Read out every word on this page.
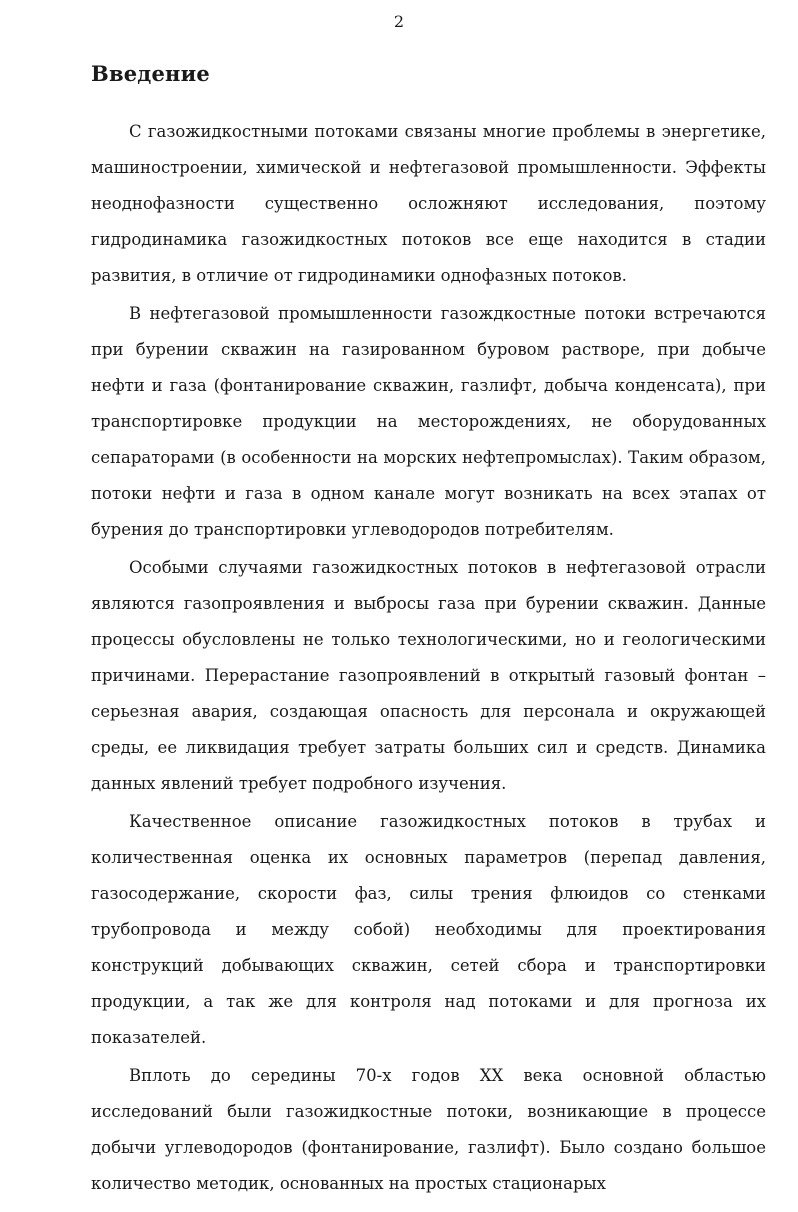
2
Введение

С газожидкостными потоками связаны многие проблемы в энергетике, машиностроении, химической и нефтегазовой промышленности. Эффекты неоднофазности существенно осложняют исследования, поэтому гидродинамика газожидкостных потоков все еще находится в стадии развития, в отличие от гидродинамики однофазных потоков.

В нефтегазовой промышленности газождкостные потоки встречаются при бурении скважин на газированном буровом растворе, при добыче нефти и газа (фонтанирование скважин, газлифт, добыча конденсата), при транспортировке продукции на месторождениях, не оборудованных сепараторами (в особенности на морских нефтепромыслах). Таким образом, потоки нефти и газа в одном канале могут возникать на всех этапах от бурения до транспортировки углеводородов потребителям.

Особыми случаями газожидкостных потоков в нефтегазовой отрасли являются газопроявления и выбросы газа при бурении скважин. Данные процессы обусловлены не только технологическими, но и геологическими причинами. Перерастание газопроявлений в открытый газовый фонтан – серьезная авария, создающая опасность для персонала и окружающей среды, ее ликвидация требует затраты больших сил и средств. Динамика данных явлений требует подробного изучения.

Качественное описание газожидкостных потоков в трубах и количественная оценка их основных параметров (перепад давления, газосодержание, скорости фаз, силы трения флюидов со стенками трубопровода и между собой) необходимы для проектирования конструкций добывающих скважин, сетей сбора и транспортировки продукции, а так же для контроля над потоками и для прогноза их показателей.

Вплоть до середины 70-х годов XX века основной областью исследований были газожидкостные потоки, возникающие в процессе добычи углеводородов (фонтанирование, газлифт). Было создано большое количество методик, основанных на простых стационарых
